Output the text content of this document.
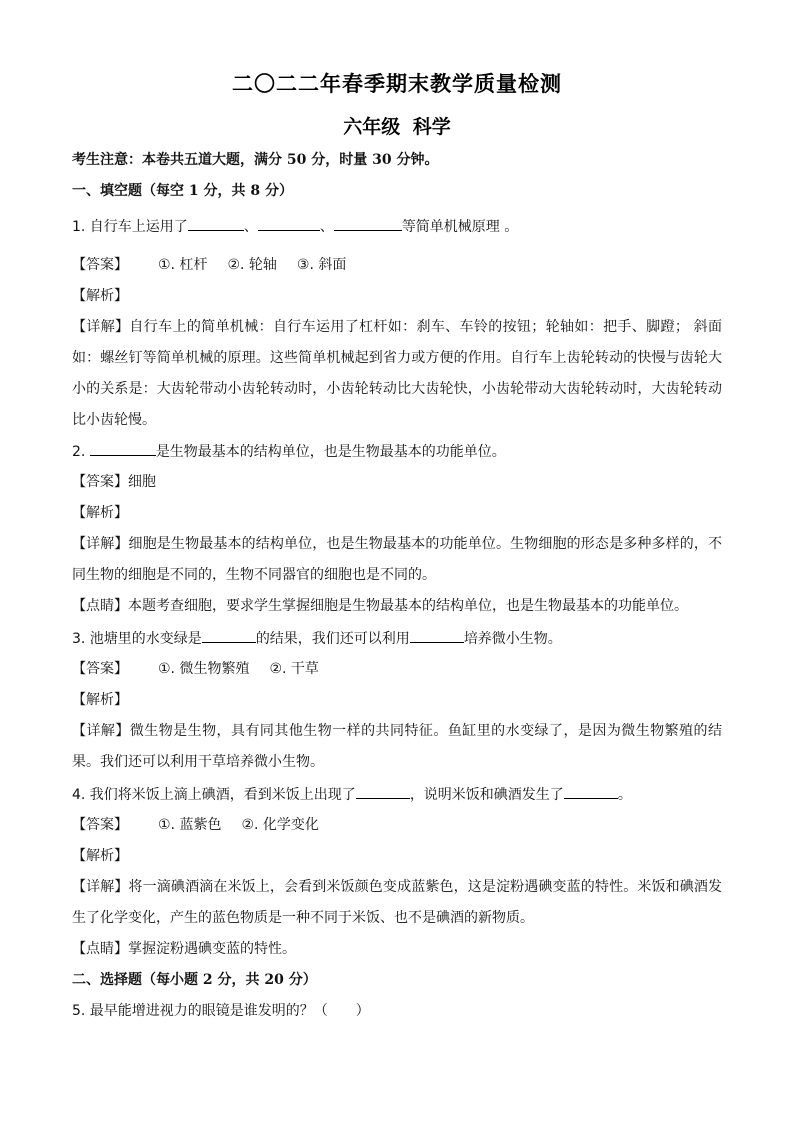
二〇二二年春季期末教学质量检测
六年级 科学
考生注意：本卷共五道大题，满分 50 分，时量 30 分钟。
一、填空题（每空 1 分，共 8 分）
1. 自行车上运用了	、	、	等简单机械原理 。
【答案】 ①. 杠杆 ②. 轮轴 ③. 斜面
【解析】
【详解】自行车上的简单机械：自行车运用了杠杆如：刹车、车铃的按钮；轮轴如：把手、脚蹬； 斜面
如：螺丝钉等简单机械的原理。这些简单机械起到省力或方便的作用。自行车上齿轮转动的快慢与齿轮大
小的关系是：大齿轮带动小齿轮转动时，小齿轮转动比大齿轮快，小齿轮带动大齿轮转动时，大齿轮转动
比小齿轮慢。
2.	是生物最基本的结构单位，也是生物最基本的功能单位。
【答案】细胞
【解析】
【详解】细胞是生物最基本的结构单位，也是生物最基本的功能单位。生物细胞的形态是多种多样的，不
同生物的细胞是不同的，生物不同器官的细胞也是不同的。
【点睛】本题考查细胞，要求学生掌握细胞是生物最基本的结构单位，也是生物最基本的功能单位。
3. 池塘里的水变绿是	的结果，我们还可以利用	培养微小生物。
【答案】 ①. 微生物繁殖 ②. 干草
【解析】
【详解】微生物是生物，具有同其他生物一样的共同特征。鱼缸里的水变绿了，是因为微生物繁殖的结
果。我们还可以利用干草培养微小生物。
4. 我们将米饭上滴上碘酒，看到米饭上出现了	，说明米饭和碘酒发生了	。
【答案】 ①. 蓝紫色 ②. 化学变化
【解析】
【详解】将一滴碘酒滴在米饭上，会看到米饭颜色变成蓝紫色，这是淀粉遇碘变蓝的特性。米饭和碘酒发
生了化学变化，产生的蓝色物质是一种不同于米饭、也不是碘酒的新物质。
【点睛】掌握淀粉遇碘变蓝的特性。
二、选择题（每小题 2 分，共 20 分）
5. 最早能增进视力的眼镜是谁发明的？（　　）
